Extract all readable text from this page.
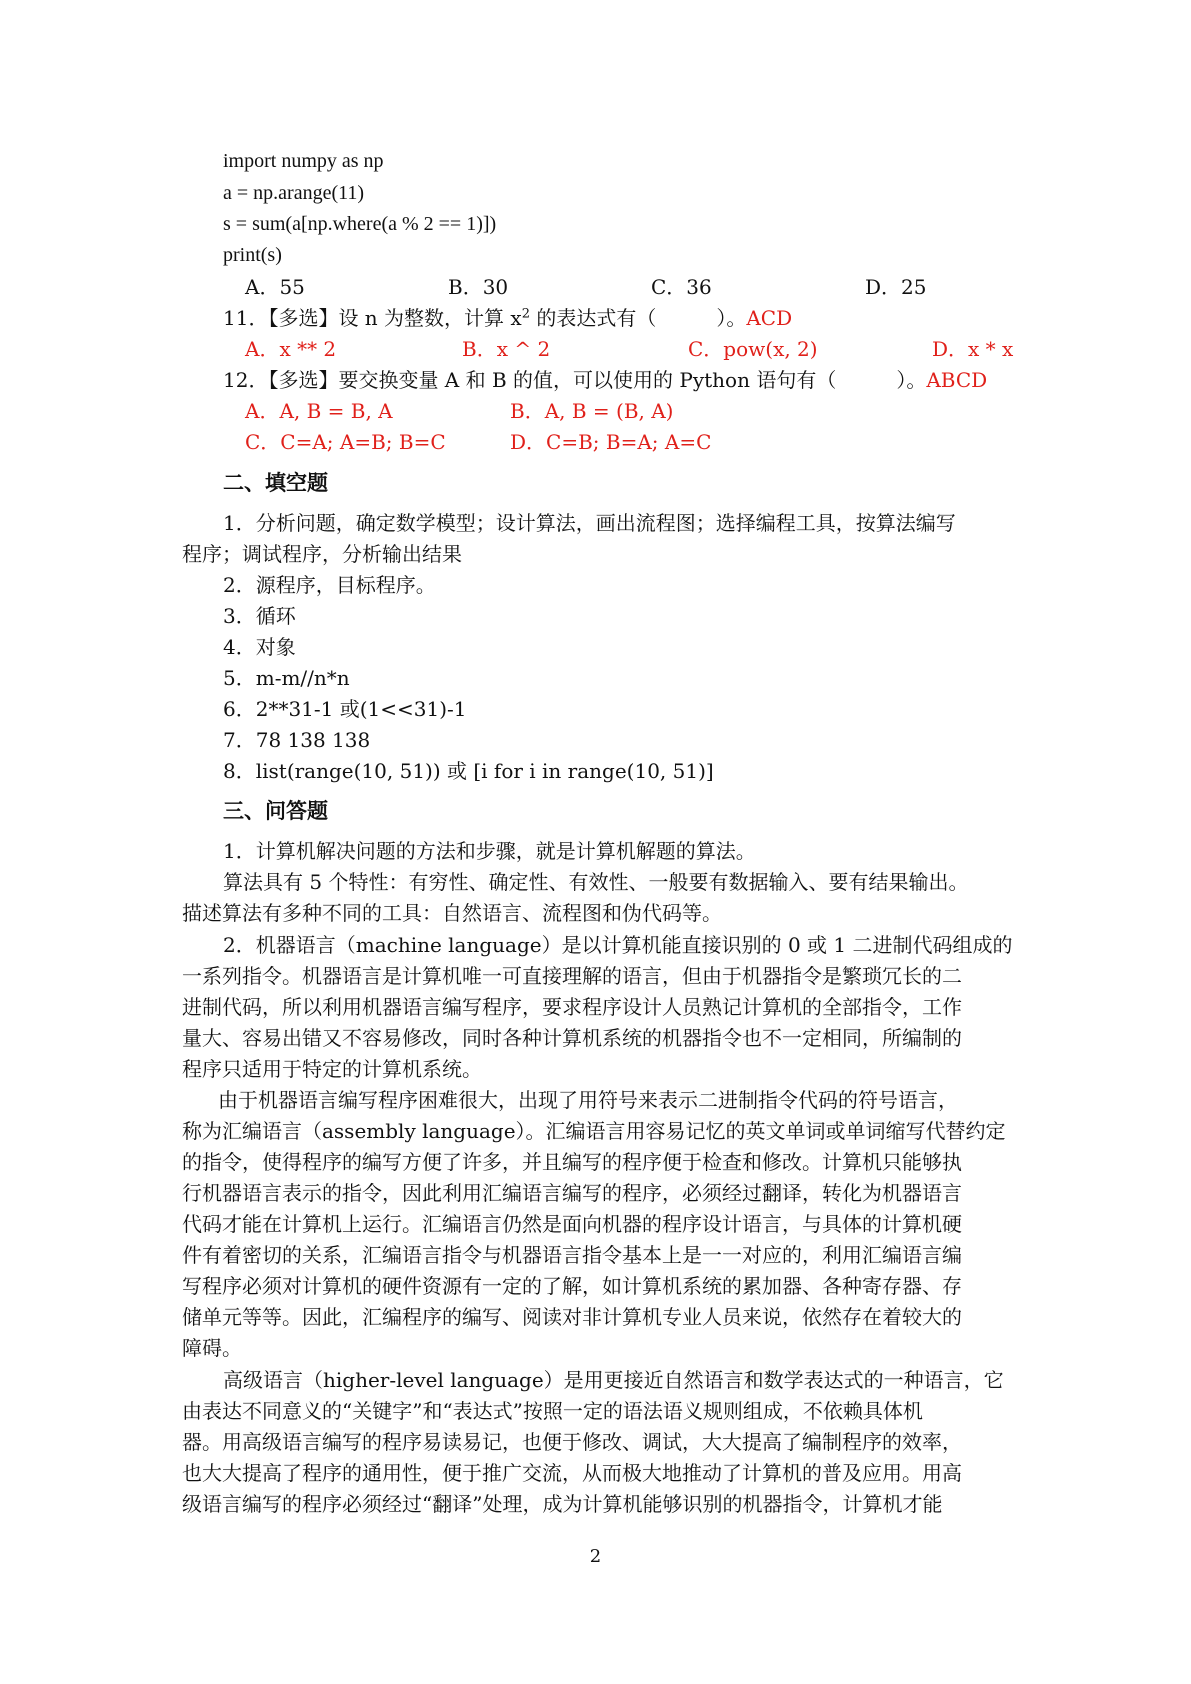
import numpy as np
a = np.arange(11)
s = sum(a[np.where(a % 2 == 1)])
print(s)
A．55	B．30	C．36	D．25
11．【多选】设 n 为整数，计算 $x^2$ 的表达式有（　　　）。ACD
A．x ** 2	B．x ^ 2	C．pow(x, 2)	D．x * x
12．【多选】要交换变量 A 和 B 的值，可以使用的 Python 语句有（　　　）。ABCD
A．A, B = B, A	B．A, B = (B, A)
C．C=A; A=B; B=C	D．C=B; B=A; A=C
二、填空题
1．分析问题，确定数学模型；设计算法，画出流程图；选择编程工具，按算法编写
程序；调试程序，分析输出结果
2．源程序，目标程序。
3．循环
4．对象
5．m-m//n*n
6．2**31-1 或(1<<31)-1
7．78 138 138
8．list(range(10, 51)) 或 [i for i in range(10, 51)]
三、问答题
1．计算机解决问题的方法和步骤，就是计算机解题的算法。
算法具有 5 个特性：有穷性、确定性、有效性、一般要有数据输入、要有结果输出。
描述算法有多种不同的工具：自然语言、流程图和伪代码等。
2．机器语言（machine language）是以计算机能直接识别的 0 或 1 二进制代码组成的
一系列指令。机器语言是计算机唯一可直接理解的语言，但由于机器指令是繁琐冗长的二
进制代码，所以利用机器语言编写程序，要求程序设计人员熟记计算机的全部指令，工作
量大、容易出错又不容易修改，同时各种计算机系统的机器指令也不一定相同，所编制的
程序只适用于特定的计算机系统。
由于机器语言编写程序困难很大，出现了用符号来表示二进制指令代码的符号语言，
称为汇编语言（assembly language）。汇编语言用容易记忆的英文单词或单词缩写代替约定
的指令，使得程序的编写方便了许多，并且编写的程序便于检查和修改。计算机只能够执
行机器语言表示的指令，因此利用汇编语言编写的程序，必须经过翻译，转化为机器语言
代码才能在计算机上运行。汇编语言仍然是面向机器的程序设计语言，与具体的计算机硬
件有着密切的关系，汇编语言指令与机器语言指令基本上是一一对应的，利用汇编语言编
写程序必须对计算机的硬件资源有一定的了解，如计算机系统的累加器、各种寄存器、存
储单元等等。因此，汇编程序的编写、阅读对非计算机专业人员来说，依然存在着较大的
障碍。
高级语言（higher-level language）是用更接近自然语言和数学表达式的一种语言，它
由表达不同意义的“关键字”和“表达式”按照一定的语法语义规则组成，不依赖具体机
器。用高级语言编写的程序易读易记，也便于修改、调试，大大提高了编制程序的效率，
也大大提高了程序的通用性，便于推广交流，从而极大地推动了计算机的普及应用。用高
级语言编写的程序必须经过“翻译”处理，成为计算机能够识别的机器指令，计算机才能
2
